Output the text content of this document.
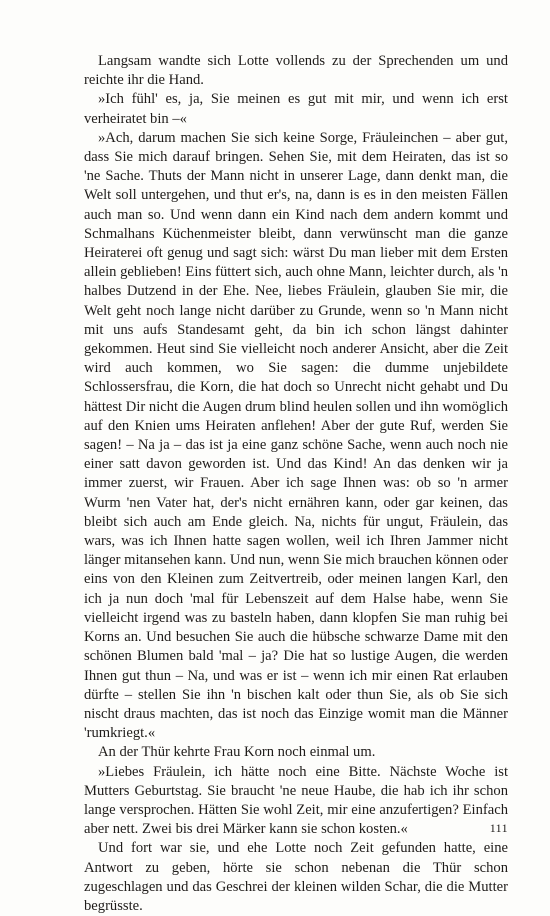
Langsam wandte sich Lotte vollends zu der Sprechenden um und reichte ihr die Hand.

»Ich fühl' es, ja, Sie meinen es gut mit mir, und wenn ich erst verheiratet bin –«

»Ach, darum machen Sie sich keine Sorge, Fräuleinchen – aber gut, dass Sie mich darauf bringen. Sehen Sie, mit dem Heiraten, das ist so 'ne Sache. Thuts der Mann nicht in unserer Lage, dann denkt man, die Welt soll untergehen, und thut er's, na, dann is es in den meisten Fällen auch man so. Und wenn dann ein Kind nach dem andern kommt und Schmalhans Küchenmeister bleibt, dann verwünscht man die ganze Heiraterei oft genug und sagt sich: wärst Du man lieber mit dem Ersten allein geblieben! Eins füttert sich, auch ohne Mann, leichter durch, als 'n halbes Dutzend in der Ehe. Nee, liebes Fräulein, glauben Sie mir, die Welt geht noch lange nicht darüber zu Grunde, wenn so 'n Mann nicht mit uns aufs Standesamt geht, da bin ich schon längst dahinter gekommen. Heut sind Sie vielleicht noch anderer Ansicht, aber die Zeit wird auch kommen, wo Sie sagen: die dumme unjebildete Schlossersfrau, die Korn, die hat doch so Unrecht nicht gehabt und Du hättest Dir nicht die Augen drum blind heulen sollen und ihn womöglich auf den Knien ums Heiraten anflehen! Aber der gute Ruf, werden Sie sagen! – Na ja – das ist ja eine ganz schöne Sache, wenn auch noch nie einer satt davon geworden ist. Und das Kind! An das denken wir ja immer zuerst, wir Frauen. Aber ich sage Ihnen was: ob so 'n armer Wurm 'nen Vater hat, der's nicht ernähren kann, oder gar keinen, das bleibt sich auch am Ende gleich. Na, nichts für ungut, Fräulein, das wars, was ich Ihnen hatte sagen wollen, weil ich Ihren Jammer nicht länger mitansehen kann. Und nun, wenn Sie mich brauchen können oder eins von den Kleinen zum Zeitvertreib, oder meinen langen Karl, den ich ja nun doch 'mal für Lebenszeit auf dem Halse habe, wenn Sie vielleicht irgend was zu basteln haben, dann klopfen Sie man ruhig bei Korns an. Und besuchen Sie auch die hübsche schwarze Dame mit den schönen Blumen bald 'mal – ja? Die hat so lustige Augen, die werden Ihnen gut thun – Na, und was er ist – wenn ich mir einen Rat erlauben dürfte – stellen Sie ihn 'n bischen kalt oder thun Sie, als ob Sie sich nischt draus machten, das ist noch das Einzige womit man die Männer 'rumkriegt.«

An der Thür kehrte Frau Korn noch einmal um.

»Liebes Fräulein, ich hätte noch eine Bitte. Nächste Woche ist Mutters Geburtstag. Sie braucht 'ne neue Haube, die hab ich ihr schon lange versprochen. Hätten Sie wohl Zeit, mir eine anzufertigen? Einfach aber nett. Zwei bis drei Märker kann sie schon kosten.«

Und fort war sie, und ehe Lotte noch Zeit gefunden hatte, eine Antwort zu geben, hörte sie schon nebenan die Thür schon zugeschlagen und das Geschrei der kleinen wilden Schar, die die Mutter begrüsste.

111
